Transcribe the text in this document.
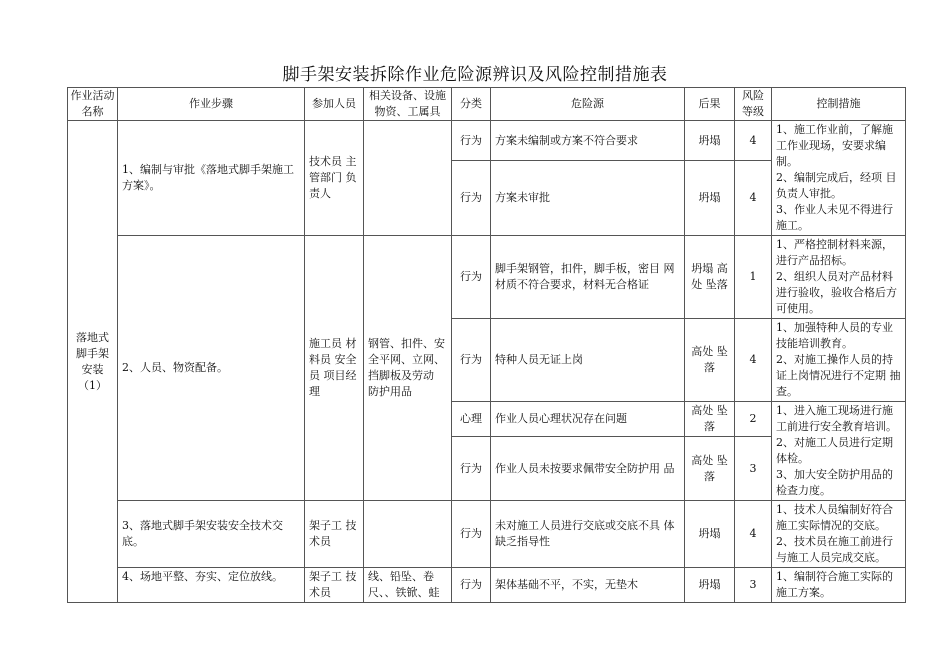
脚手架安装拆除作业危险源辨识及风险控制措施表
作业活动名称	作业步骤	参加人员	相关设备、设施物资、工属具	分类	危险源	后果	风险等级	控制措施
落地式 脚手架 安装（1）	1、编制与审批《落地式脚手架施工方案》。	技术员 主管部门 负责人		行为	方案未编制或方案不符合要求	坍塌	4	1、施工作业前，了解施工作业现场，安要求编制。
2、编制完成后，经项 目负责人审批。
3、作业人未见不得进行施工。
				行为	方案未审批	坍塌	4	
	2、人员、物资配备。	施工员 材料员 安全员 项目经理	钢管、扣件、安全平网、立网、挡脚板及劳动 防护用品	行为	脚手架钢管，扣件，脚手板，密目 网材质不符合要求，材料无合格证	坍塌 高处 坠落	1	1、严格控制材料来源，进行产品招标。
2、组织人员对产品材料进行验收，验收合格后方可使用。
				行为	特种人员无证上岗	高处 坠落	4	1、加强特种人员的专业技能培训教育。
2、对施工操作人员的持证上岗情况进行不定期 抽查。
				心理	作业人员心理状况存在问题	高处 坠落	2	1、进入施工现场进行施工前进行安全教育培训。
2、对施工人员进行定期体检。
3、加大安全防护用品的检查力度。
				行为	作业人员未按要求佩带安全防护用 品	高处 坠落	3	
	3、落地式脚手架安装安全技术交底。	架子工 技术员		行为	未对施工人员进行交底或交底不具 体缺乏指导性	坍塌	4	1、技术人员编制好符合施工实际情况的交底。
2、技术员在施工前进行与施工人员完成交底。
	4、场地平整、夯实、定位放线。	架子工 技术员	线、铅坠、卷尺、、铁锨、蛙	行为	架体基础不平，不实，无垫木	坍塌	3	1、编制符合施工实际的施工方案。
